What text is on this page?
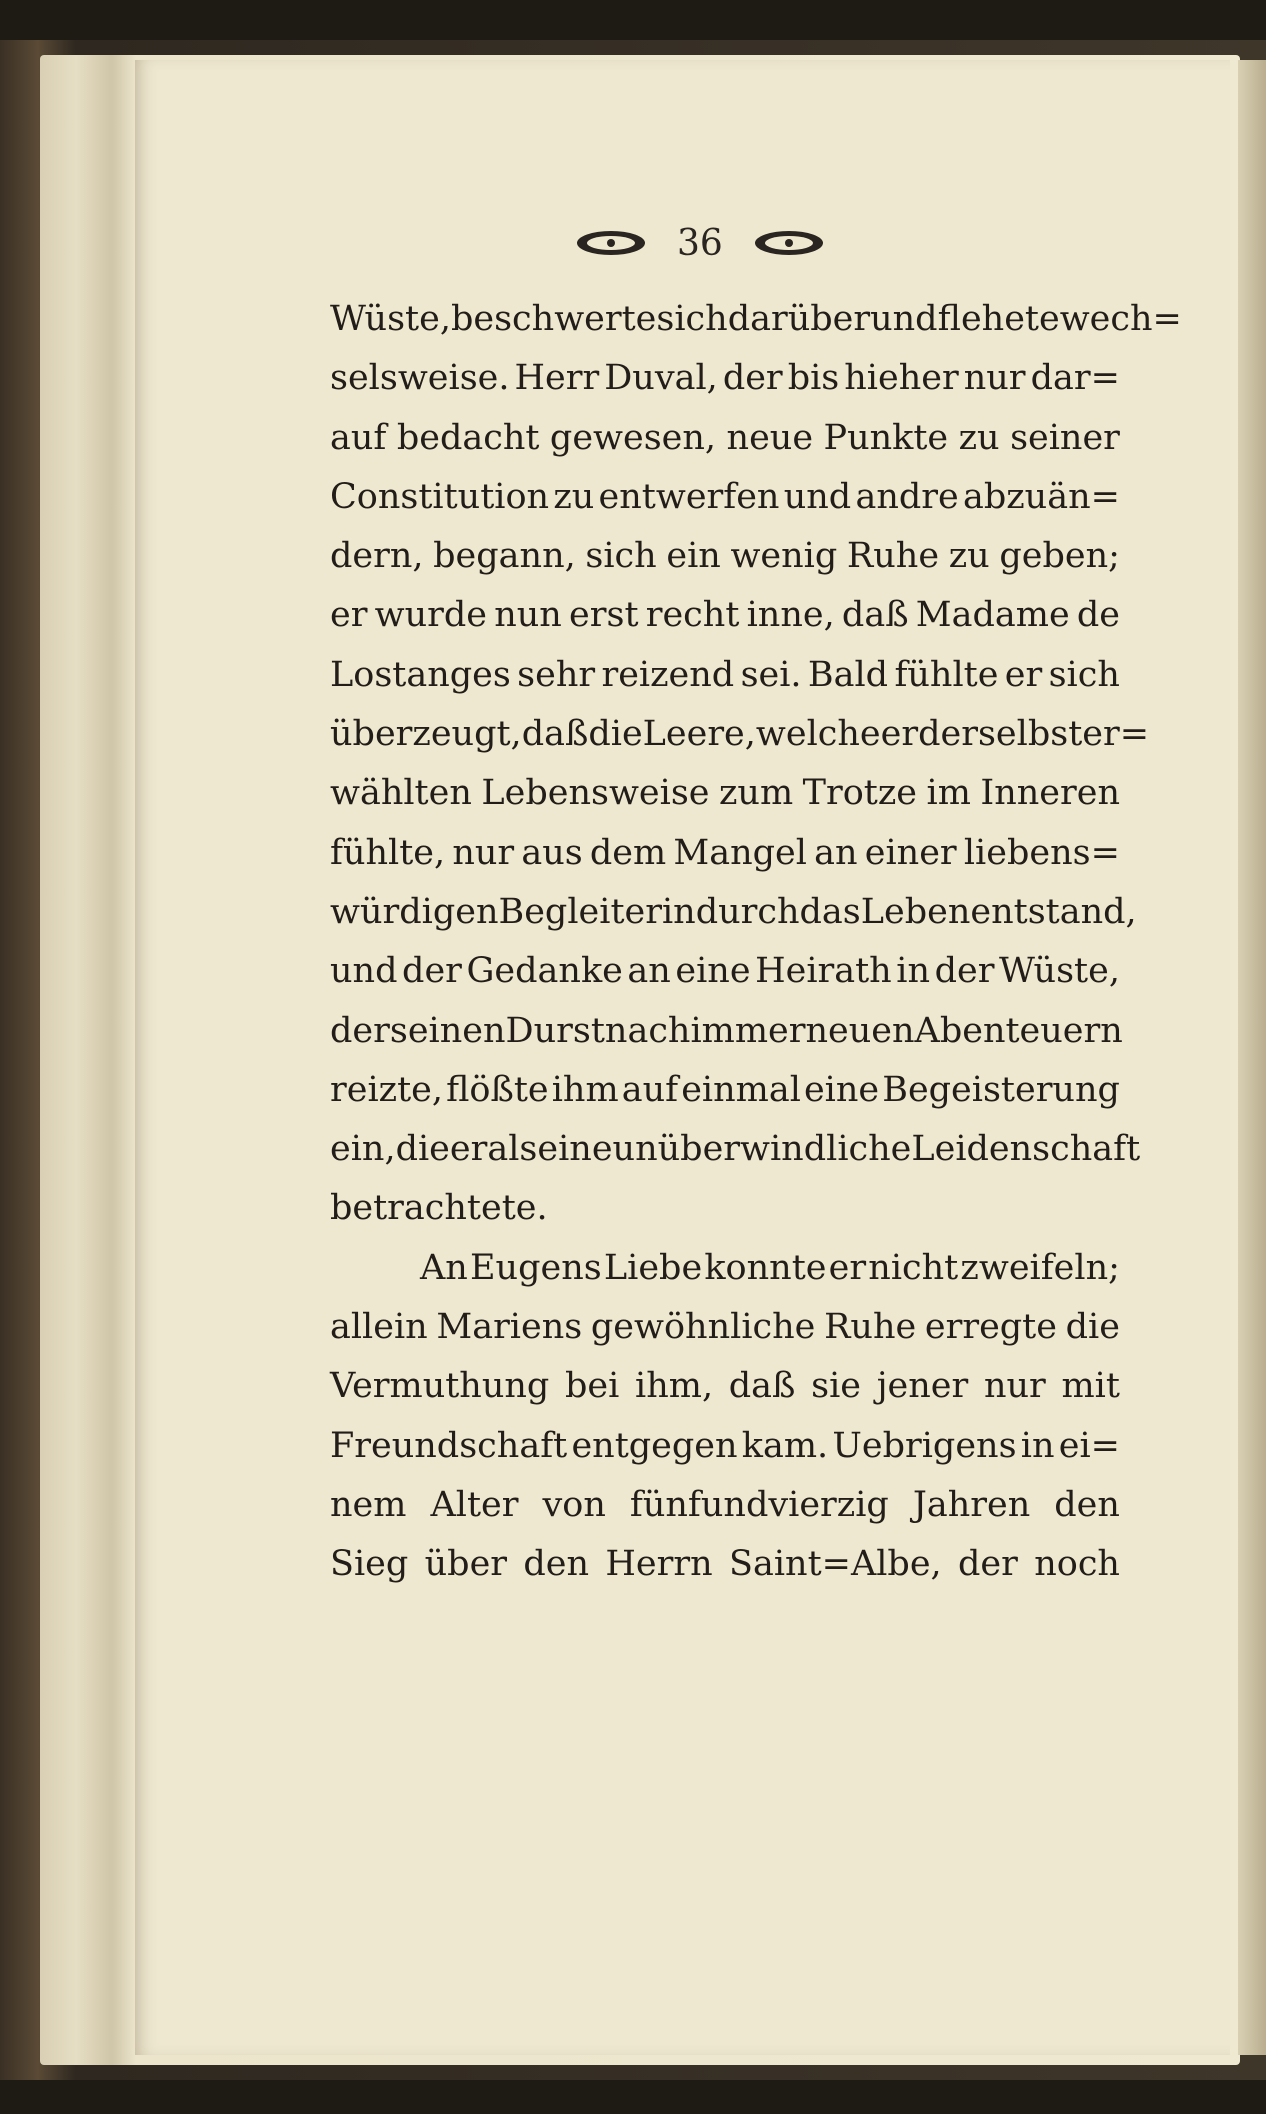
36
Wüste, beschwerte sich darüber und flehete wech=
selsweise. Herr Duval, der bis hieher nur dar=
auf bedacht gewesen, neue Punkte zu seiner
Constitution zu entwerfen und andre abzuän=
dern, begann, sich ein wenig Ruhe zu geben;
er wurde nun erst recht inne, daß Madame de
Lostanges sehr reizend sei. Bald fühlte er sich
überzeugt, daß die Leere, welche er der selbster=
wählten Lebensweise zum Trotze im Inneren
fühlte, nur aus dem Mangel an einer liebens=
würdigen Begleiterin durch das Leben entstand,
und der Gedanke an eine Heirath in der Wüste,
der seinen Durst nach immer neuen Abenteuern
reizte, flößte ihm auf einmal eine Begeisterung
ein, die er als eine unüberwindliche Leidenschaft
betrachtete.
An Eugens Liebe konnte er nicht zweifeln;
allein Mariens gewöhnliche Ruhe erregte die
Vermuthung bei ihm, daß sie jener nur mit
Freundschaft entgegen kam. Uebrigens in ei=
nem Alter von fünfundvierzig Jahren den
Sieg über den Herrn Saint=Albe, der noch
